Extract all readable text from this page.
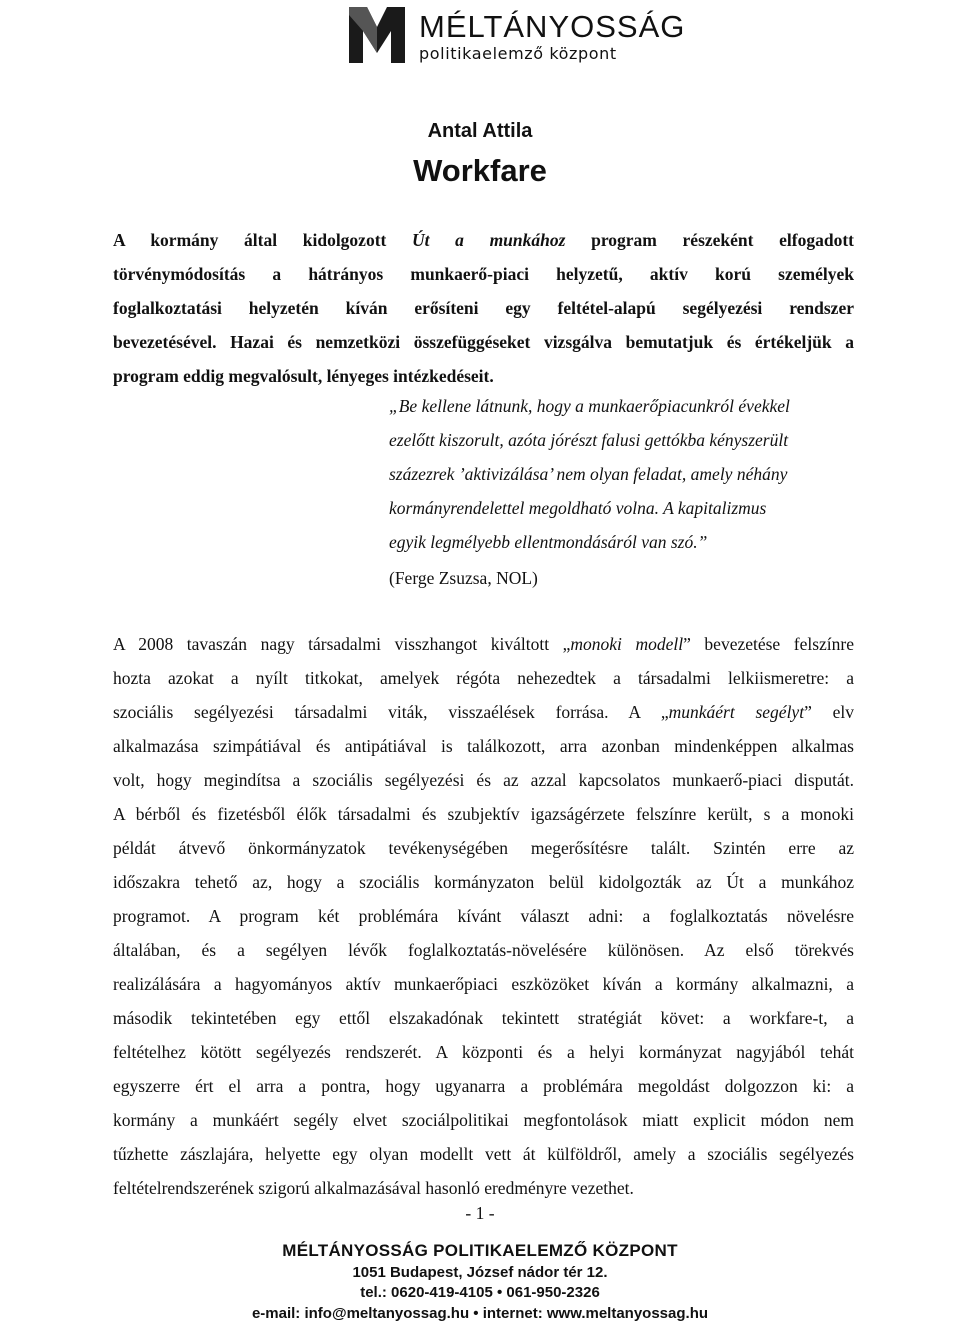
MÉLTÁNYOSSÁG
politikaelemző központ
Antal Attila
Workfare
A kormány által kidolgozott Út a munkához program részeként elfogadott
törvénymódosítás a hátrányos munkaerő-piaci helyzetű, aktív korú személyek
foglalkoztatási helyzetén kíván erősíteni egy feltétel-alapú segélyezési rendszer
bevezetésével. Hazai és nemzetközi összefüggéseket vizsgálva bemutatjuk és értékeljük a
program eddig megvalósult, lényeges intézkedéseit.
„Be kellene látnunk, hogy a munkaerőpiacunkról évekkel
ezelőtt kiszorult, azóta jórészt falusi gettókba kényszerült
százezrek ’aktivizálása’ nem olyan feladat, amely néhány
kormányrendelettel megoldható volna. A kapitalizmus
egyik legmélyebb ellentmondásáról van szó.”
(Ferge Zsuzsa, NOL)
A 2008 tavaszán nagy társadalmi visszhangot kiváltott „monoki modell” bevezetése felszínre
hozta azokat a nyílt titkokat, amelyek régóta nehezedtek a társadalmi lelkiismeretre: a
szociális segélyezési társadalmi viták, visszaélések forrása. A „munkáért segélyt” elv
alkalmazása szimpátiával és antipátiával is találkozott, arra azonban mindenképpen alkalmas
volt, hogy megindítsa a szociális segélyezési és az azzal kapcsolatos munkaerő-piaci disputát.
A bérből és fizetésből élők társadalmi és szubjektív igazságérzete felszínre került, s a monoki
példát átvevő önkormányzatok tevékenységében megerősítésre talált. Szintén erre az
időszakra tehető az, hogy a szociális kormányzaton belül kidolgozták az Út a munkához
programot. A program két problémára kívánt választ adni: a foglalkoztatás növelésre
általában, és a segélyen lévők foglalkoztatás-növelésére különösen. Az első törekvés
realizálására a hagyományos aktív munkaerőpiaci eszközöket kíván a kormány alkalmazni, a
második tekintetében egy ettől elszakadónak tekintett stratégiát követ: a workfare-t, a
feltételhez kötött segélyezés rendszerét. A központi és a helyi kormányzat nagyjából tehát
egyszerre ért el arra a pontra, hogy ugyanarra a problémára megoldást dolgozzon ki: a
kormány a munkáért segély elvet szociálpolitikai megfontolások miatt explicit módon nem
tűzhette zászlajára, helyette egy olyan modellt vett át külföldről, amely a szociális segélyezés
feltételrendszerének szigorú alkalmazásával hasonló eredményre vezethet.
- 1 -
MÉLTÁNYOSSÁG POLITIKAELEMZŐ KÖZPONT
1051 Budapest, József nádor tér 12.
tel.: 0620-419-4105 • 061-950-2326
e-mail: info@meltanyossag.hu • internet: www.meltanyossag.hu
